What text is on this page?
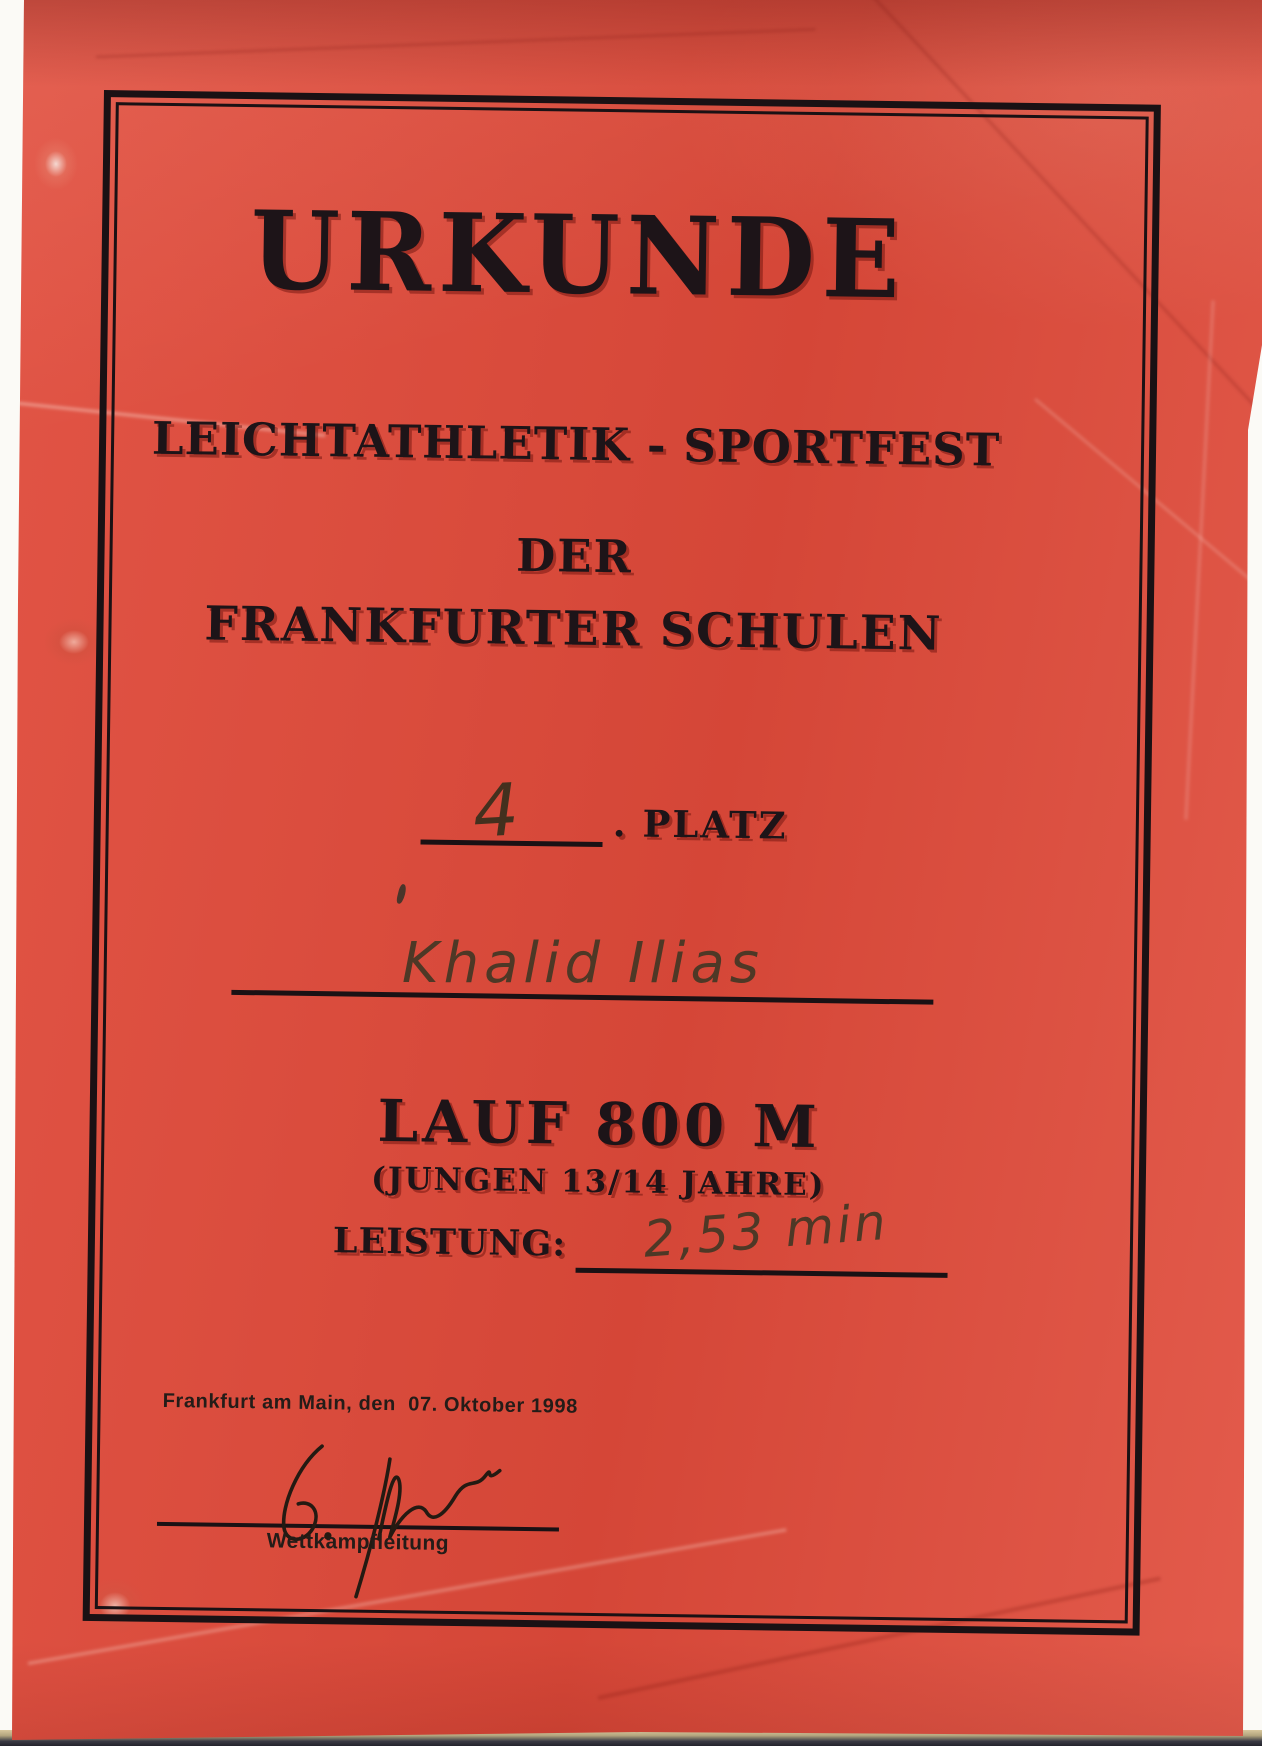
URKUNDE
LEICHTATHLETIK - SPORTFEST
DER
FRANKFURTER SCHULEN
4 . PLATZ
Khalid Ilias
LAUF 800 M
(JUNGEN 13/14 JAHRE)
LEISTUNG: 2,53 min
Frankfurt am Main, den  07. Oktober 1998
Wettkampfleitung
